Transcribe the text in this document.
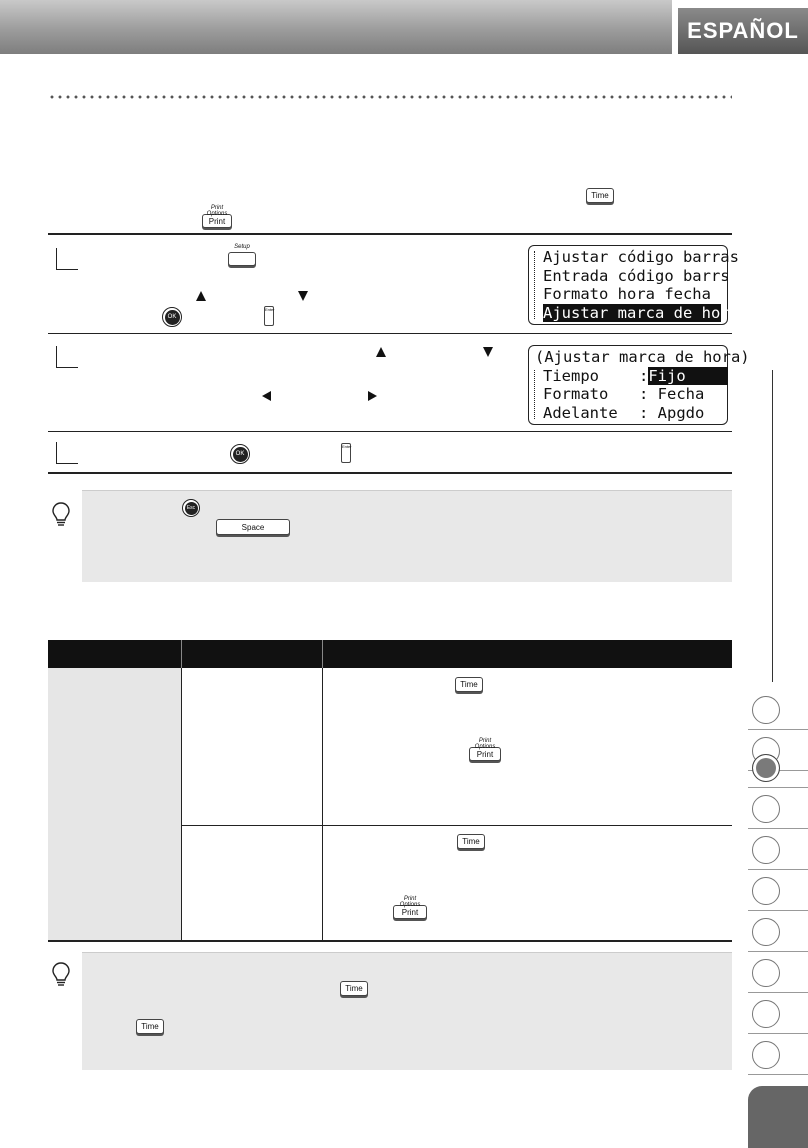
ESPAÑOL
Time
Print Options
Print
Setup
OK
Enter
Ajustar código barras
Entrada código barrs
Formato hora fecha
Ajustar marca de hora
(Ajustar marca de hora)
Tiempo	:Fijo
Formato : Fecha
Adelante : Apgdo
OK
Enter
Esc
Space
Time
Print Options
Print
Time
Print Options
Print
Time
Time
